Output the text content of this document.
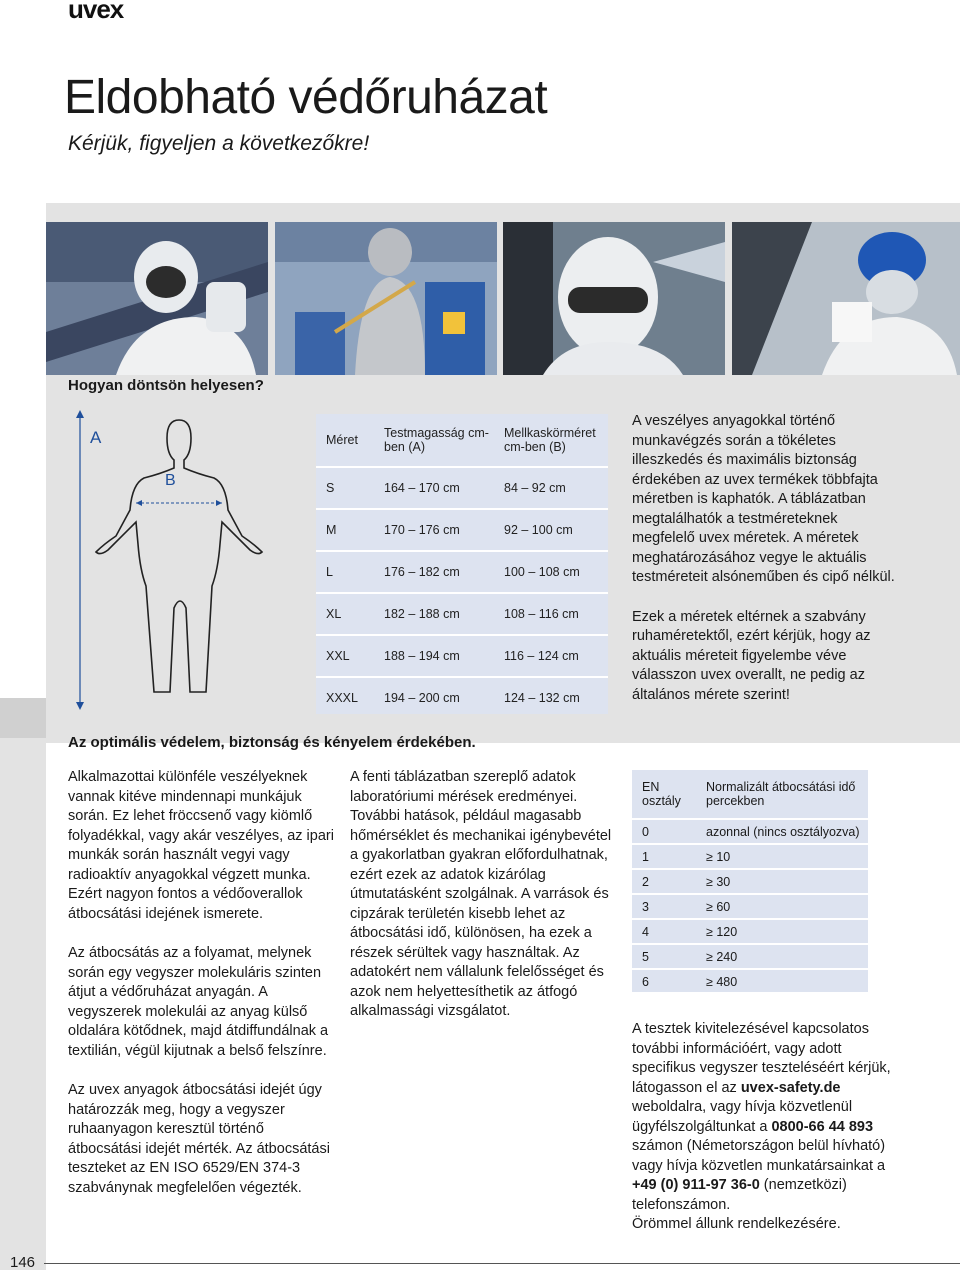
uvex
Eldobható védőruházat
Kérjük, figyeljen a következőkre!
Hogyan döntsön helyesen?
A
B
Méret	Testmagasság cm-ben (A)	Mellkaskörméret cm-ben (B)
S	164 – 170 cm	84 – 92 cm
M	170 – 176 cm	92 – 100 cm
L	176 – 182 cm	100 – 108 cm
XL	182 – 188 cm	108 – 116 cm
XXL	188 – 194 cm	116 – 124 cm
XXXL	194 – 200 cm	124 – 132 cm

A veszélyes anyagokkal történő munkavégzés során a tökéletes illeszkedés és maximális biztonság érdekében az uvex termékek többfajta méretben is kaphatók. A táblázatban megtalálhatók a testméreteknek megfelelő uvex méretek. A méretek meghatározásához vegye le aktuális testméreteit alsóneműben és cipő nélkül.

Ezek a méretek eltérnek a szabvány ruhaméretektől, ezért kérjük, hogy az aktuális méreteit figyelembe véve válasszon uvex overallt, ne pedig az általános mérete szerint!

Az optimális védelem, biztonság és kényelem érdekében.

Alkalmazottai különféle veszélyeknek vannak kitéve mindennapi munkájuk során. Ez lehet fröccsenő vagy kiömlő folyadékkal, vagy akár veszélyes, az ipari munkák során használt vegyi vagy radioaktív anyagokkal végzett munka. Ezért nagyon fontos a védőoverallok átbocsátási idejének ismerete.

Az átbocsátás az a folyamat, melynek során egy vegyszer molekuláris szinten átjut a védőruházat anyagán. A vegyszerek molekulái az anyag külső oldalára kötődnek, majd átdiffundálnak a textilián, végül kijutnak a belső felszínre.

Az uvex anyagok átbocsátási idejét úgy határozzák meg, hogy a vegyszer ruhaanyagon keresztül történő átbocsátási idejét mérték. Az átbocsátási teszteket az EN ISO 6529/EN 374-3 szabványnak megfelelően végezték.

A fenti táblázatban szereplő adatok laboratóriumi mérések eredményei. További hatások, például magasabb hőmérséklet és mechanikai igénybevétel a gyakorlatban gyakran előfordulhatnak, ezért ezek az adatok kizárólag útmutatásként szolgálnak. A varrások és cipzárak területén kisebb lehet az átbocsátási idő, különösen, ha ezek a részek sérültek vagy használtak. Az adatokért nem vállalunk felelősséget és azok nem helyettesíthetik az átfogó alkalmassági vizsgálatot.

EN osztály	Normalizált átbocsátási idő percekben
0	azonnal (nincs osztályozva)
1	≥ 10
2	≥ 30
3	≥ 60
4	≥ 120
5	≥ 240
6	≥ 480
A tesztek kivitelezésével kapcsolatos további információért, vagy adott specifikus vegyszer teszteléséért kérjük, látogasson el az uvex-safety.de weboldalra, vagy hívja közvetlenül ügyfélszolgáltunkat a 0800-66 44 893 számon (Németországon belül hívható) vagy hívja közvetlen munkatársainkat a +49 (0) 911-97 36-0 (nemzetközi) telefonszámon.
Örömmel állunk rendelkezésére.
146
